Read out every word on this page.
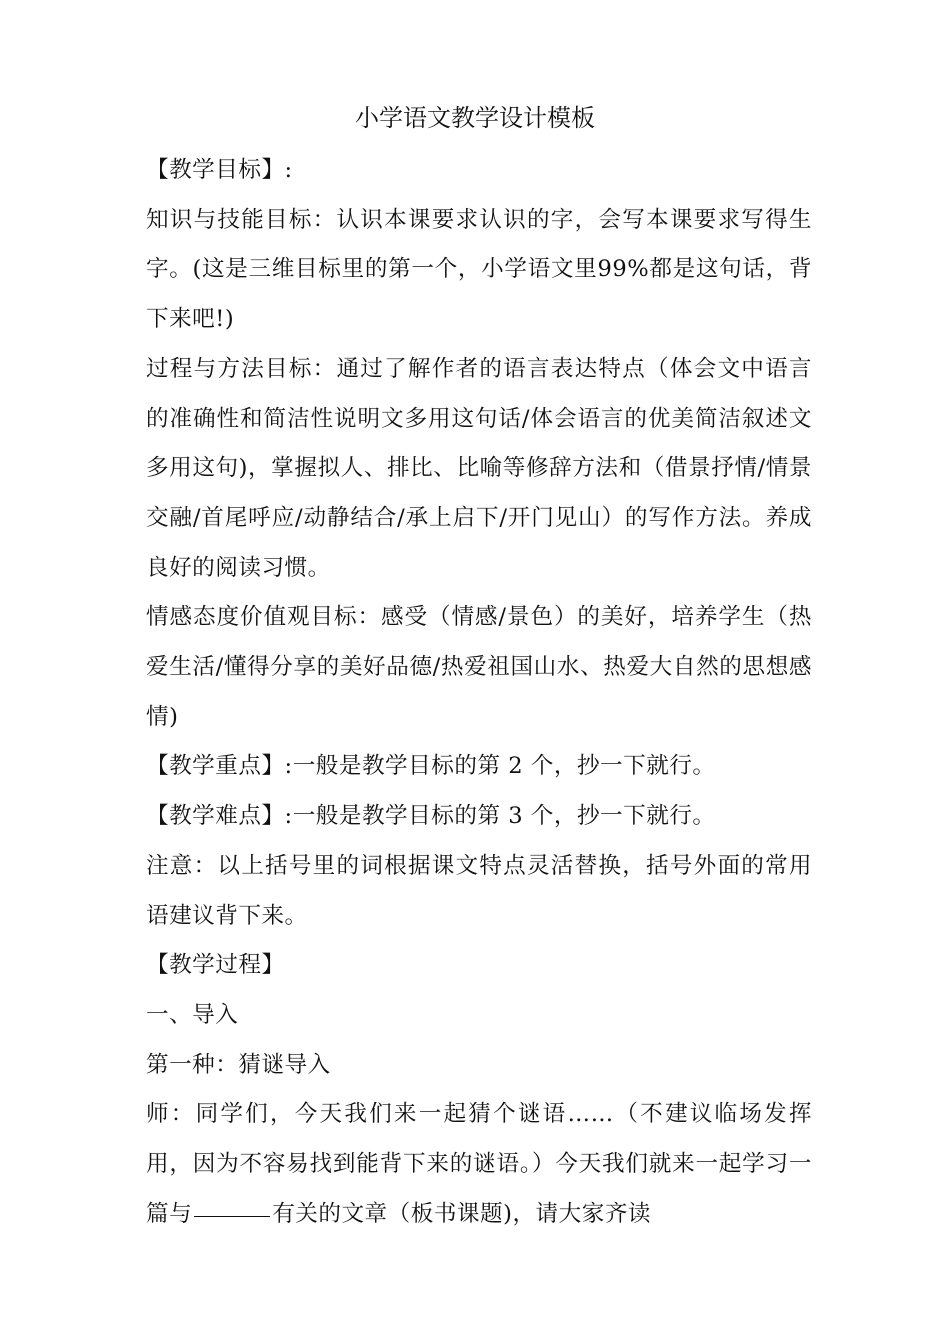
小学语文教学设计模板

【教学目标】:

知识与技能目标：认识本课要求认识的字，会写本课要求写得生字。(这是三维目标里的第一个，小学语文里99%都是这句话，背下来吧!)

过程与方法目标：通过了解作者的语言表达特点（体会文中语言的准确性和简洁性说明文多用这句话/体会语言的优美简洁叙述文多用这句)，掌握拟人、排比、比喻等修辞方法和（借景抒情/情景交融/首尾呼应/动静结合/承上启下/开门见山）的写作方法。养成良好的阅读习惯。

情感态度价值观目标：感受（情感/景色）的美好，培养学生（热爱生活/懂得分享的美好品德/热爱祖国山水、热爱大自然的思想感情)

【教学重点】:一般是教学目标的第 2 个，抄一下就行。

【教学难点】:一般是教学目标的第 3 个，抄一下就行。

注意：以上括号里的词根据课文特点灵活替换，括号外面的常用语建议背下来。

【教学过程】

一、导入

第一种：猜谜导入

师：同学们，今天我们来一起猜个谜语……（不建议临场发挥用，因为不容易找到能背下来的谜语。）今天我们就来一起学习一篇与	有关的文章（板书课题)，请大家齐读
